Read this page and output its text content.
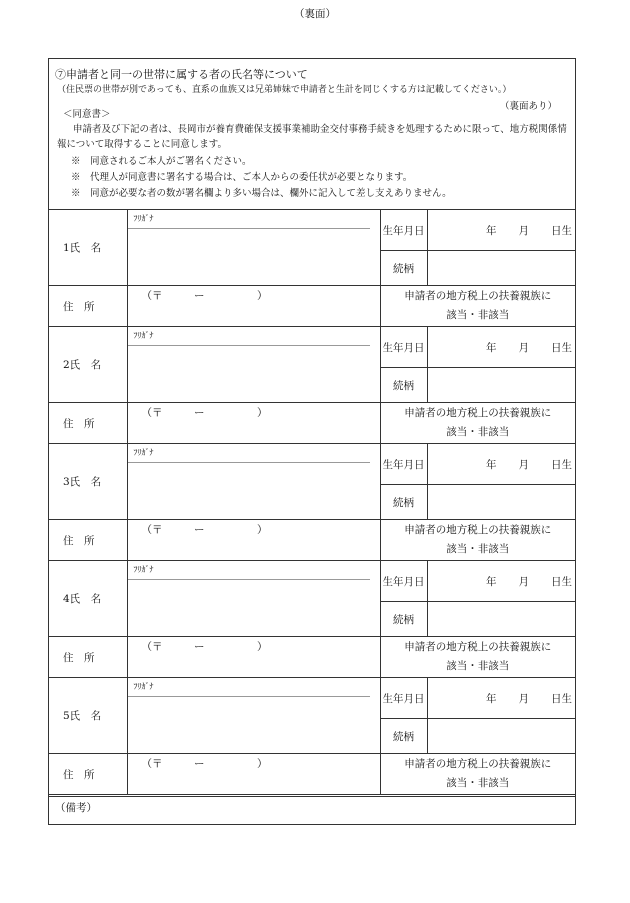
（裏面）
⑦申請者と同一の世帯に属する者の氏名等について
（住民票の世帯が別であっても、直系の血族又は兄弟姉妹で申請者と生計を同じくする方は記載してください。）
（裏面あり）
＜同意書＞
申請者及び下記の者は、長岡市が養育費確保支援事業補助金交付事務手続きを処理するために限って、地方税関係情報について取得することに同意します。
※　同意されるご本人がご署名ください。
※　代理人が同意書に署名する場合は、ご本人からの委任状が必要となります。
※　同意が必要な者の数が署名欄より多い場合は、欄外に記入して差し支えありません。
1氏　名	ﾌﾘｶﾞﾅ	生年月日	年 月 日生
		続柄	
住　所	（〒　　　ー　　　　　）	申請者の地方税上の扶養親族に
該当・非該当	

2氏　名	ﾌﾘｶﾞﾅ	生年月日	年 月 日生
		続柄	
住　所	（〒　　　ー　　　　　）	申請者の地方税上の扶養親族に
該当・非該当	

3氏　名	ﾌﾘｶﾞﾅ	生年月日	年 月 日生
		続柄	
住　所	（〒　　　ー　　　　　）	申請者の地方税上の扶養親族に
該当・非該当	

4氏　名	ﾌﾘｶﾞﾅ	生年月日	年 月 日生
		続柄	
住　所	（〒　　　ー　　　　　）	申請者の地方税上の扶養親族に
該当・非該当	

5氏　名	ﾌﾘｶﾞﾅ	生年月日	年 月 日生
		続柄	
住　所	（〒　　　ー　　　　　）	申請者の地方税上の扶養親族に
該当・非該当	
（備考）
